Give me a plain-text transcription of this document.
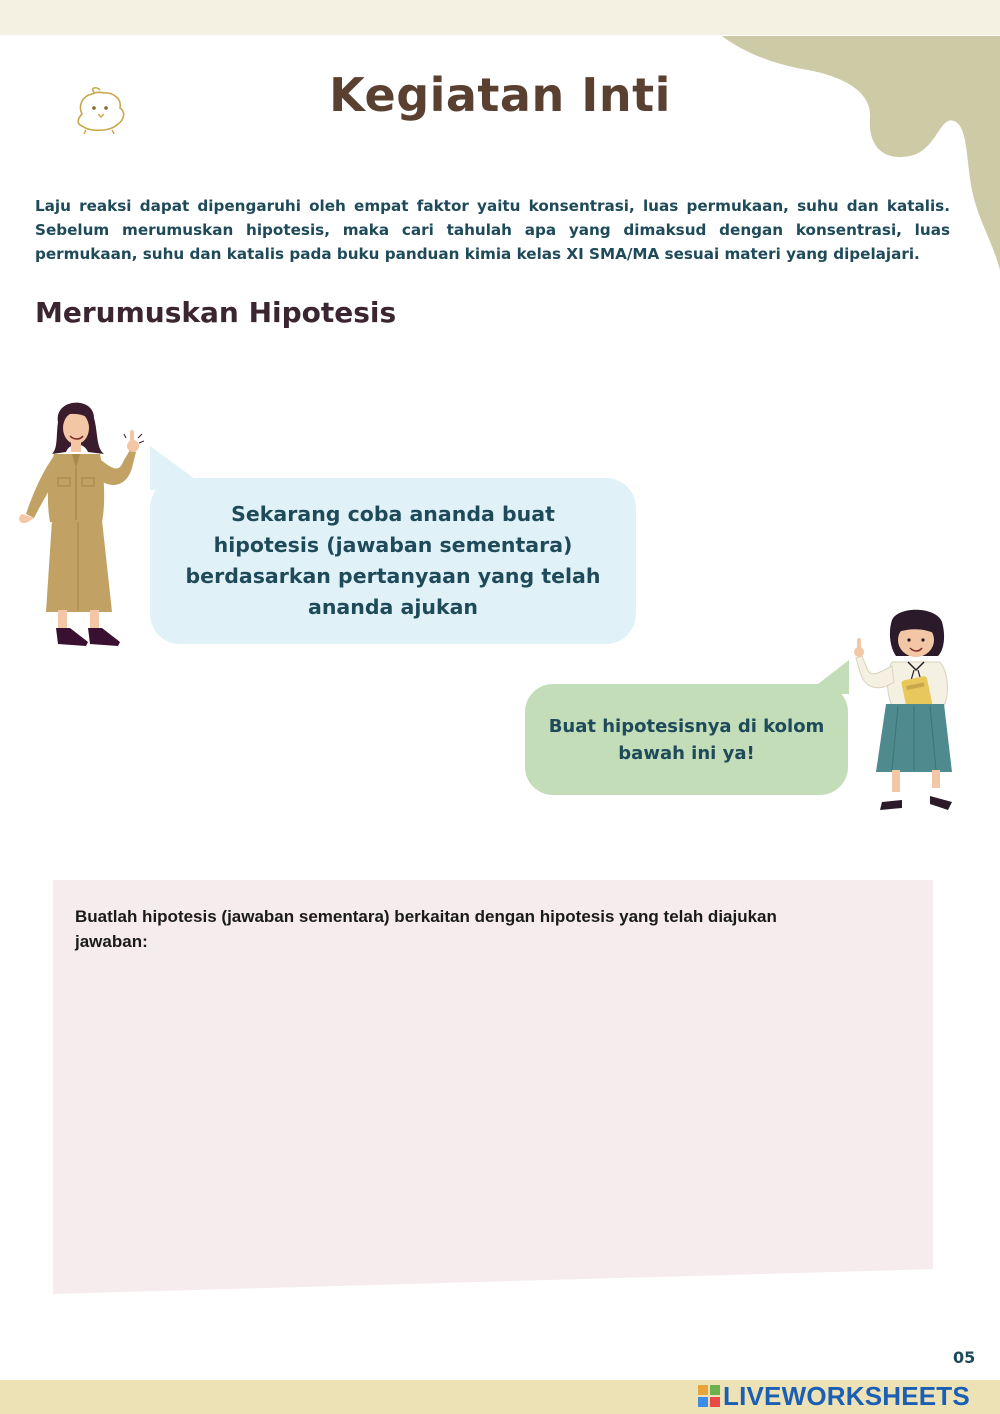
Kegiatan Inti
Laju reaksi dapat dipengaruhi oleh empat faktor yaitu konsentrasi, luas permukaan, suhu dan katalis. Sebelum merumuskan hipotesis, maka cari tahulah apa yang dimaksud dengan konsentrasi, luas permukaan, suhu dan katalis pada buku panduan kimia kelas XI SMA/MA sesuai materi yang dipelajari.
Merumuskan Hipotesis
Sekarang coba ananda buat hipotesis (jawaban sementara) berdasarkan pertanyaan yang telah ananda ajukan
Buat hipotesisnya di kolom bawah ini ya!
Buatlah hipotesis (jawaban sementara) berkaitan dengan hipotesis yang telah diajukan
jawaban:
05
LIVEWORKSHEETS
